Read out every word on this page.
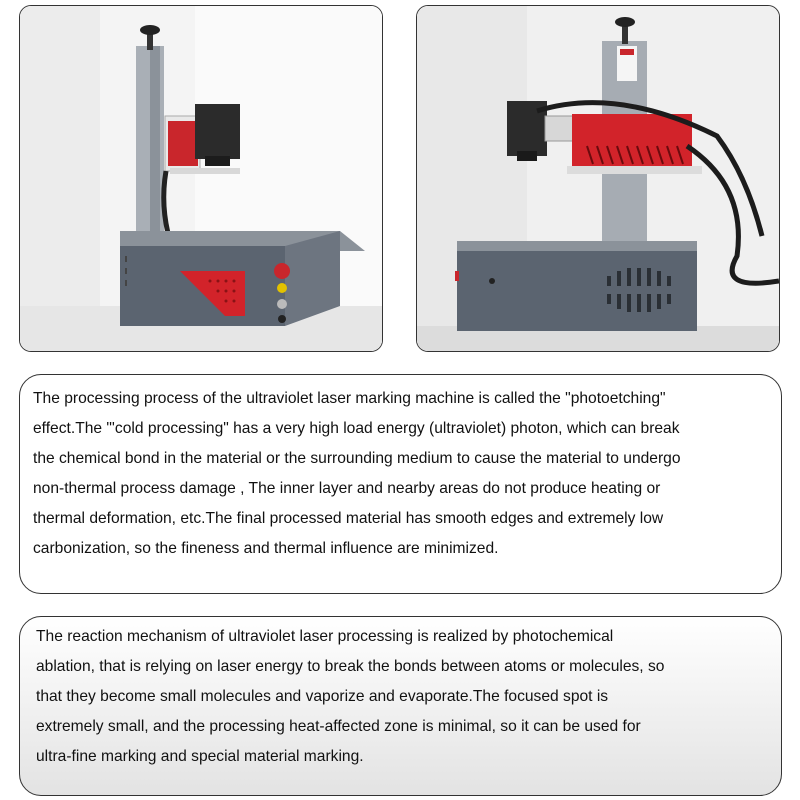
The processing process of the ultraviolet laser marking machine is called the "photoetching"
effect.The "'cold processing" has a very high load energy (ultraviolet) photon, which can break
the chemical bond in the material or the surrounding medium to cause the material to undergo
non-thermal process damage , The inner layer and nearby areas do not produce heating or
thermal deformation, etc.The final processed material has smooth edges and extremely low
carbonization, so the fineness and thermal influence are minimized.
The reaction mechanism of ultraviolet laser processing is realized by photochemical
ablation, that is relying on laser energy to break the bonds between atoms or molecules, so
that they become small molecules and vaporize and evaporate.The focused spot is
extremely small, and the processing heat-affected zone is minimal, so it can be used for
ultra-fine marking and special material marking.
